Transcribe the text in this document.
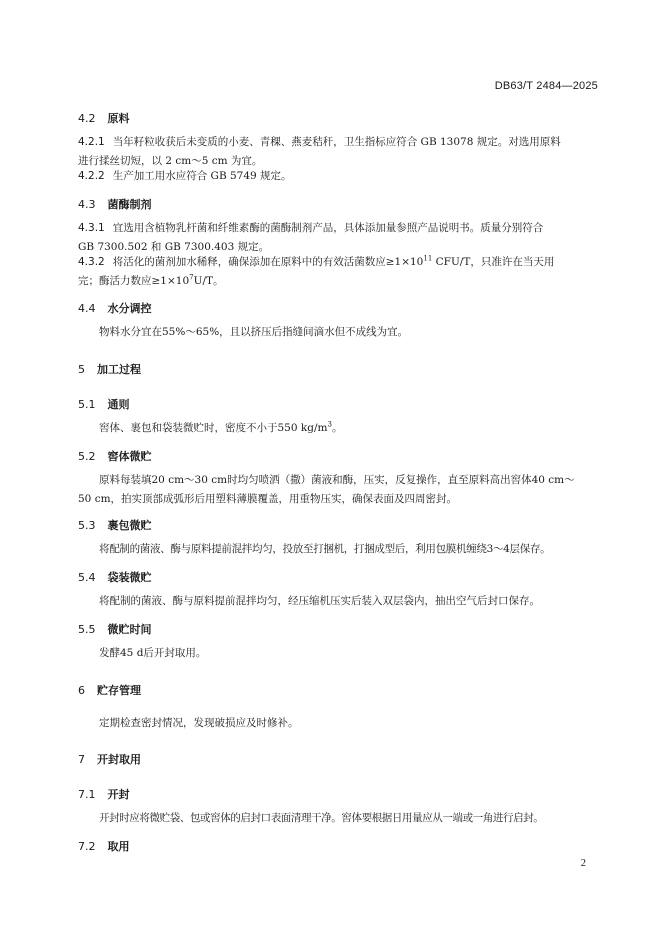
DB63/T 2484—2025
4.2 原料
4.2.1 当年籽粒收获后未变质的小麦、青稞、燕麦秸秆，卫生指标应符合 GB 13078 规定。对选用原料
进行揉丝切短，以 2 cm～5 cm 为宜。
4.2.2 生产加工用水应符合 GB 5749 规定。
4.3 菌酶制剂
4.3.1 宜选用含植物乳杆菌和纤维素酶的菌酶制剂产品，具体添加量参照产品说明书。质量分别符合
GB 7300.502 和 GB 7300.403 规定。
4.3.2 将活化的菌剂加水稀释，确保添加在原料中的有效活菌数应$\ge 1\times 10^{11}$ CFU/T，只准许在当天用
完；酶活力数应$\ge 1\times 10^7U/T$。
4.4 水分调控
物料水分宜在55%～65%，且以挤压后指缝间滴水但不成线为宜。
5 加工过程
5.1 通则
窖体、裹包和袋装微贮时，密度不小于550 $kg/m^3$。
5.2 窖体微贮
原料每装填20 cm～30 cm时均匀喷洒（撒）菌液和酶，压实，反复操作，直至原料高出窖体40 cm～
50 cm，拍实顶部成弧形后用塑料薄膜覆盖，用重物压实，确保表面及四周密封。
5.3 裹包微贮
将配制的菌液、酶与原料提前混拌均匀，投放至打捆机，打捆成型后，利用包膜机缠绕3～4层保存。
5.4 袋装微贮
将配制的菌液、酶与原料提前混拌均匀，经压缩机压实后装入双层袋内，抽出空气后封口保存。
5.5 微贮时间
发酵45 d后开封取用。
6 贮存管理
定期检查密封情况，发现破损应及时修补。
7 开封取用
7.1 开封
开封时应将微贮袋、包或窖体的启封口表面清理干净。窖体要根据日用量应从一端或一角进行启封。
7.2 取用
2
